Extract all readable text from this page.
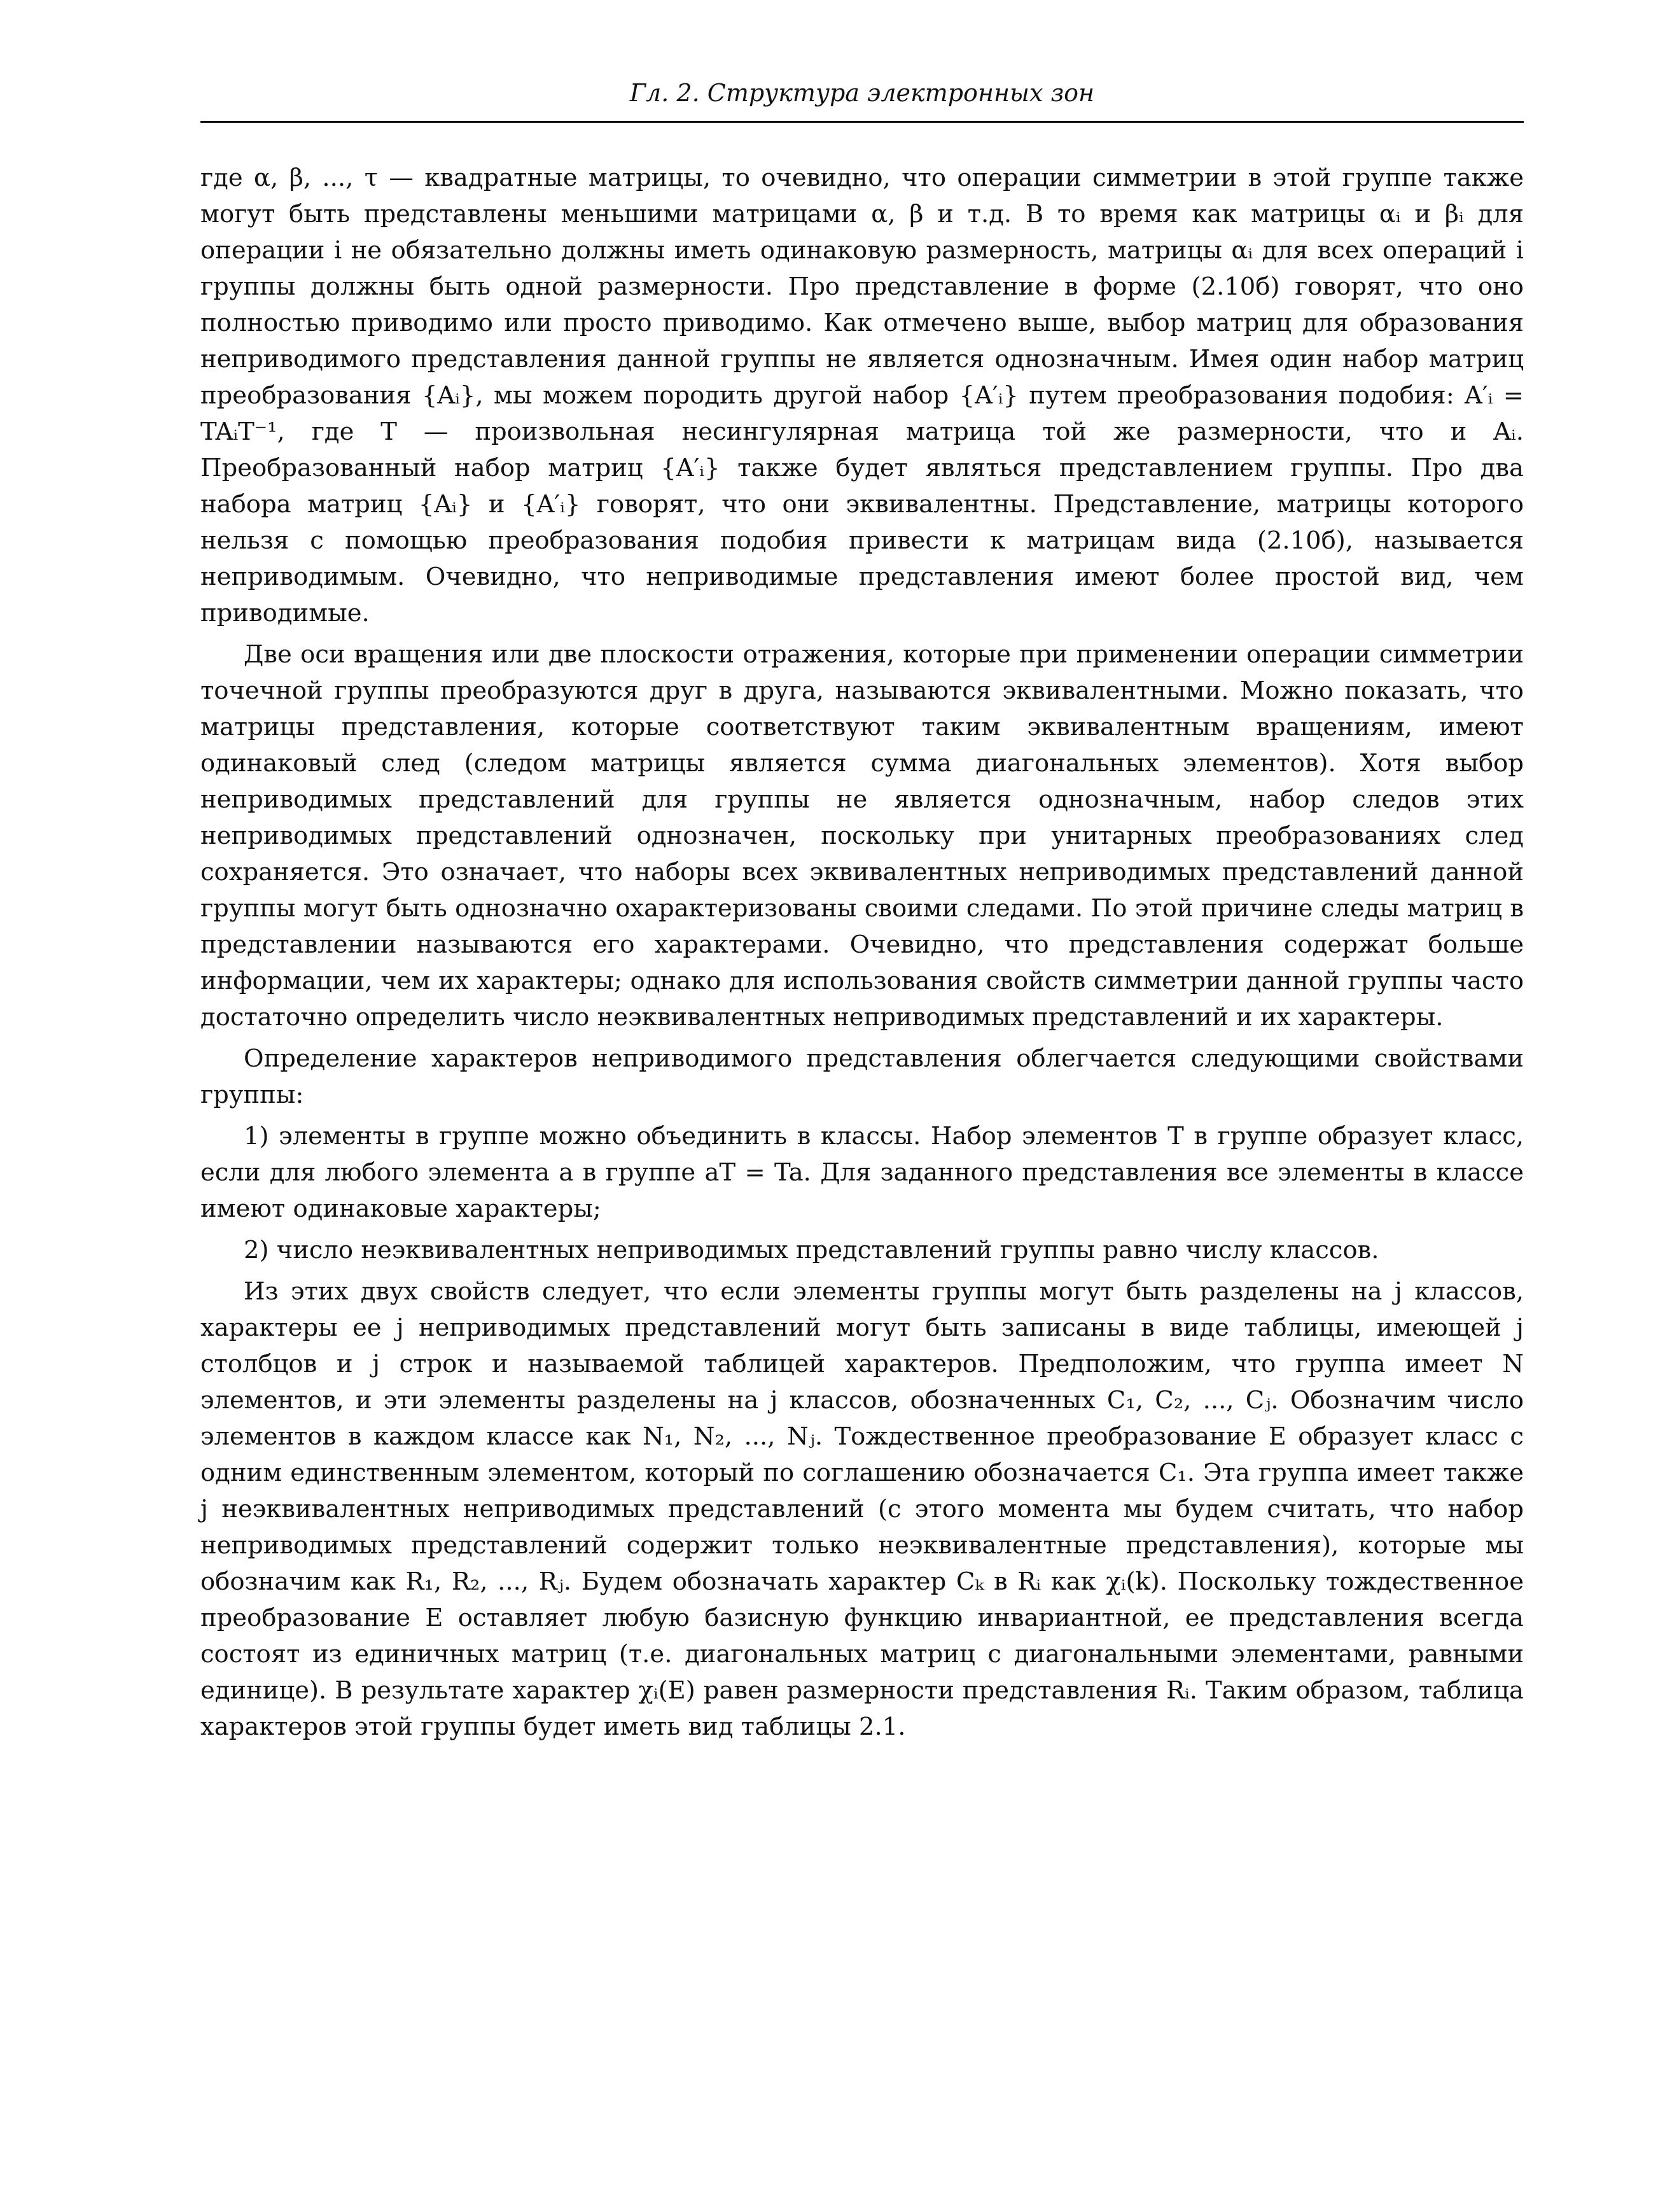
Гл. 2. Структура электронных зон

где α, β, ..., τ — квадратные матрицы, то очевидно, что операции симметрии в этой группе также могут быть представлены меньшими матрицами α, β и т.д. В то время как матрицы αᵢ и βᵢ для операции i не обязательно должны иметь одинаковую размерность, матрицы αᵢ для всех операций i группы должны быть одной размерности. Про представление в форме (2.10б) говорят, что оно полностью приводимо или просто приводимо. Как отмечено выше, выбор матриц для образования неприводимого представления данной группы не является однозначным. Имея один набор матриц преобразования {Aᵢ}, мы можем породить другой набор {A′ᵢ} путем преобразования подобия: A′ᵢ = TAᵢT⁻¹, где T — произвольная несингулярная матрица той же размерности, что и Aᵢ. Преобразованный набор матриц {A′ᵢ} также будет являться представлением группы. Про два набора матриц {Aᵢ} и {A′ᵢ} говорят, что они эквивалентны. Представление, матрицы которого нельзя с помощью преобразования подобия привести к матрицам вида (2.10б), называется неприводимым. Очевидно, что неприводимые представления имеют более простой вид, чем приводимые.

Две оси вращения или две плоскости отражения, которые при применении операции симметрии точечной группы преобразуются друг в друга, называются эквивалентными. Можно показать, что матрицы представления, которые соответствуют таким эквивалентным вращениям, имеют одинаковый след (следом матрицы является сумма диагональных элементов). Хотя выбор неприводимых представлений для группы не является однозначным, набор следов этих неприводимых представлений однозначен, поскольку при унитарных преобразованиях след сохраняется. Это означает, что наборы всех эквивалентных неприводимых представлений данной группы могут быть однозначно охарактеризованы своими следами. По этой причине следы матриц в представлении называются его характерами. Очевидно, что представления содержат больше информации, чем их характеры; однако для использования свойств симметрии данной группы часто достаточно определить число неэквивалентных неприводимых представлений и их характеры.

Определение характеров неприводимого представления облегчается следующими свойствами группы:

1) элементы в группе можно объединить в классы. Набор элементов T в группе образует класс, если для любого элемента a в группе aT = Ta. Для заданного представления все элементы в классе имеют одинаковые характеры;

2) число неэквивалентных неприводимых представлений группы равно числу классов.

Из этих двух свойств следует, что если элементы группы могут быть разделены на j классов, характеры ее j неприводимых представлений могут быть записаны в виде таблицы, имеющей j столбцов и j строк и называемой таблицей характеров. Предположим, что группа имеет N элементов, и эти элементы разделены на j классов, обозначенных C₁, C₂, ..., Cⱼ. Обозначим число элементов в каждом классе как N₁, N₂, ..., Nⱼ. Тождественное преобразование E образует класс с одним единственным элементом, который по соглашению обозначается C₁. Эта группа имеет также j неэквивалентных неприводимых представлений (с этого момента мы будем считать, что набор неприводимых представлений содержит только неэквивалентные представления), которые мы обозначим как R₁, R₂, ..., Rⱼ. Будем обозначать характер Cₖ в Rᵢ как χᵢ(k). Поскольку тождественное преобразование E оставляет любую базисную функцию инвариантной, ее представления всегда состоят из единичных матриц (т.е. диагональных матриц с диагональными элементами, равными единице). В результате характер χᵢ(E) равен размерности представления Rᵢ. Таким образом, таблица характеров этой группы будет иметь вид таблицы 2.1.
